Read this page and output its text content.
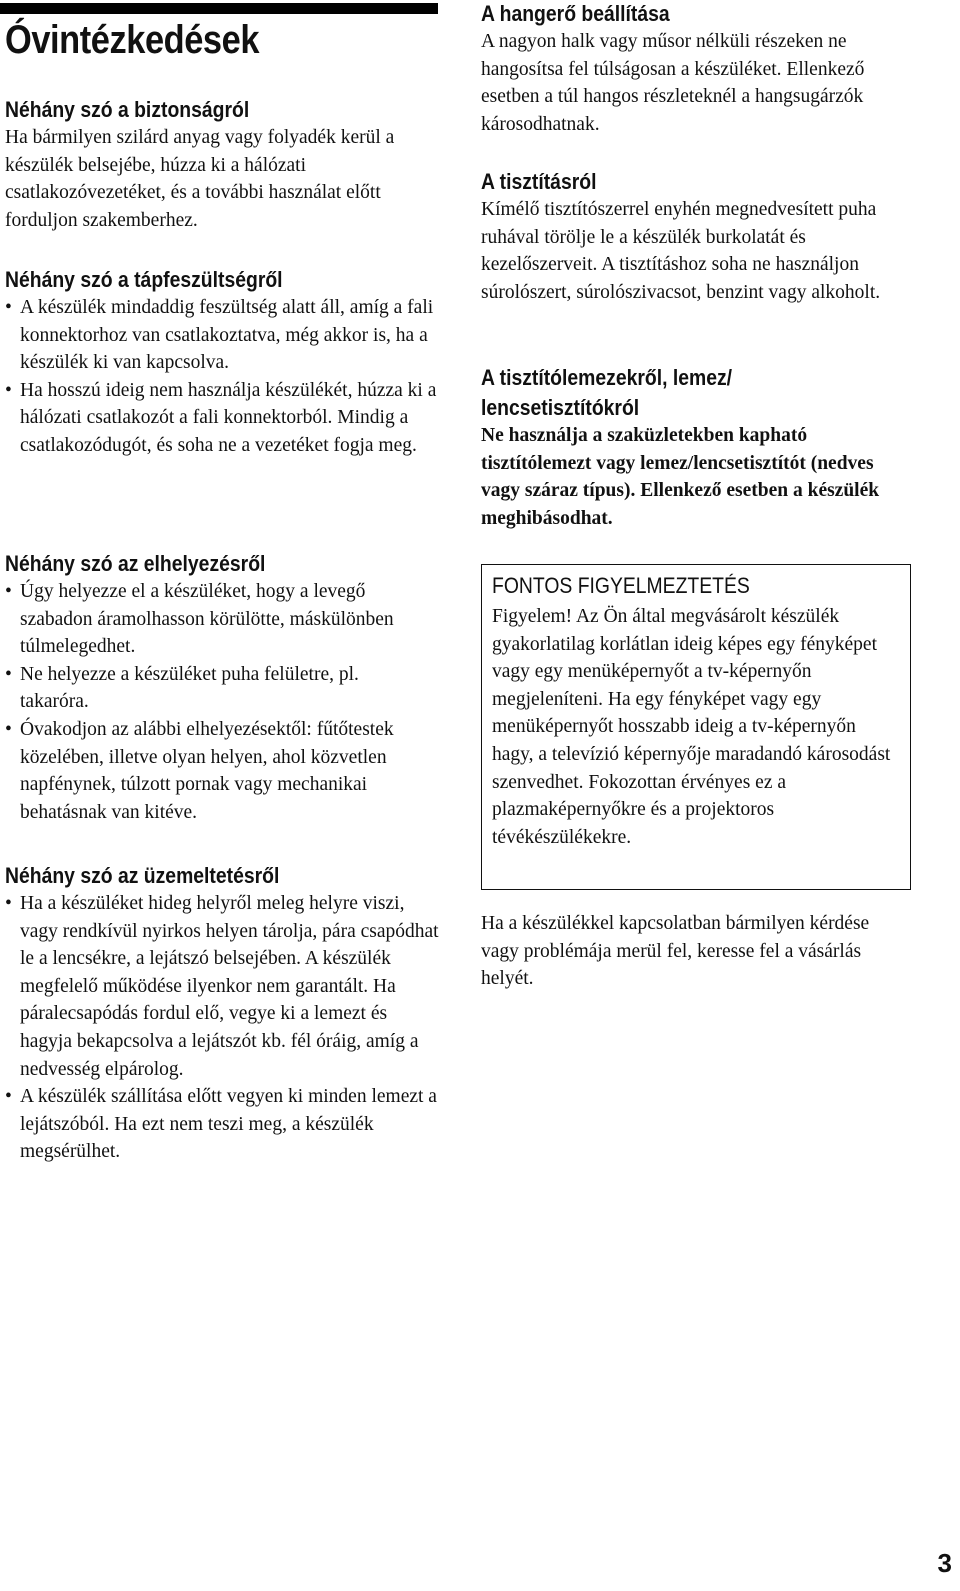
Óvintézkedések
Néhány szó a biztonságról

Ha bármilyen szilárd anyag vagy folyadék kerül a készülék belsejébe, húzza ki a hálózati csatlakozóvezetéket, és a további használat előtt forduljon szakemberhez.

Néhány szó a tápfeszültségről
• A készülék mindaddig feszültség alatt áll, amíg a fali konnektorhoz van csatlakoztatva, még akkor is, ha a készülék ki van kapcsolva.
• Ha hosszú ideig nem használja készülékét, húzza ki a hálózati csatlakozót a fali konnektorból. Mindig a csatlakozódugót, és soha ne a vezetéket fogja meg.
Néhány szó az elhelyezésről
• Úgy helyezze el a készüléket, hogy a levegő szabadon áramolhasson körülötte, máskülönben túlmelegedhet.
• Ne helyezze a készüléket puha felületre, pl. takaróra.
• Óvakodjon az alábbi elhelyezésektől: fűtőtestek közelében, illetve olyan helyen, ahol közvetlen napfénynek, túlzott pornak vagy mechanikai behatásnak van kitéve.
Néhány szó az üzemeltetésről
• Ha a készüléket hideg helyről meleg helyre viszi, vagy rendkívül nyirkos helyen tárolja, pára csapódhat le a lencsékre, a lejátszó belsejében. A készülék megfelelő működése ilyenkor nem garantált. Ha páralecsapódás fordul elő, vegye ki a lemezt és hagyja bekapcsolva a lejátszót kb. fél óráig, amíg a nedvesség elpárolog.
• A készülék szállítása előtt vegyen ki minden lemezt a lejátszóból. Ha ezt nem teszi meg, a készülék megsérülhet.
A hangerő beállítása

A nagyon halk vagy műsor nélküli részeken ne hangosítsa fel túlságosan a készüléket. Ellenkező esetben a túl hangos részleteknél a hangsugárzók károsodhatnak.

A tisztításról

Kímélő tisztítószerrel enyhén megnedvesített puha ruhával törölje le a készülék burkolatát és kezelőszerveit. A tisztításhoz soha ne használjon súrolószert, súrolószivacsot, benzint vagy alkoholt.

A tisztítólemezekről, lemez/
lencsetisztítókról

Ne használja a szaküzletekben kapható tisztítólemezt vagy lemez/lencsetisztítót (nedves vagy száraz típus). Ellenkező esetben a készülék meghibásodhat.

FONTOS FIGYELMEZTETÉS

Figyelem! Az Ön által megvásárolt készülék gyakorlatilag korlátlan ideig képes egy fényképet vagy egy menüképernyőt a tv-képernyőn megjeleníteni. Ha egy fényképet vagy egy menüképernyőt hosszabb ideig a tv-képernyőn hagy, a televízió képernyője maradandó károsodást szenvedhet. Fokozottan érvényes ez a plazmaképernyőkre és a projektoros tévékészülékekre.

Ha a készülékkel kapcsolatban bármilyen kérdése vagy problémája merül fel, keresse fel a vásárlás helyét.

3
